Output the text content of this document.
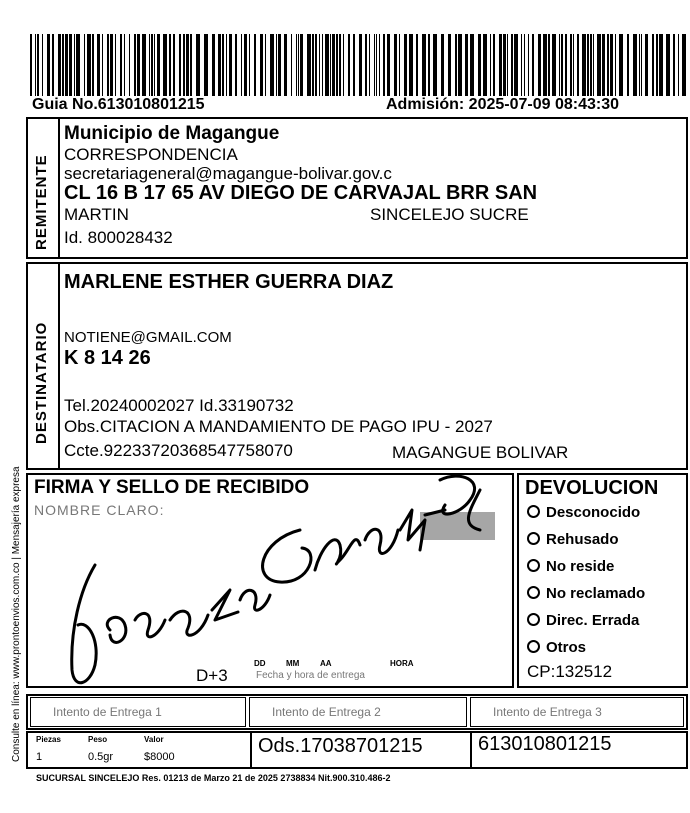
Guia No.613010801215	Admisión: 2025-07-09 08:43:30
Consulte en línea: www.prontoenvios.com.co | Mensajería expresa
REMITENTE
Municipio de Magangue
CORRESPONDENCIA
secretariageneral@magangue-bolivar.gov.c
CL 16 B 17 65 AV DIEGO DE CARVAJAL BRR SAN
MARTIN	SINCELEJO SUCRE
Id. 800028432
DESTINATARIO
MARLENE ESTHER GUERRA DIAZ
NOTIENE@GMAIL.COM
K 8 14 26
Tel.20240002027 Id.33190732
Obs.CITACION A MANDAMIENTO DE PAGO IPU - 2027
Ccte.92233720368547758070	MAGANGUE BOLIVAR
FIRMA Y SELLO DE RECIBIDO
NOMBRE CLARO:
D+3
DD	MM	AA	HORA
Fecha y hora de entrega
DEVOLUCION
Desconocido
Rehusado
No reside
No reclamado
Direc. Errada
Otros
CP:132512
Intento de Entrega 1	Intento de Entrega 2	Intento de Entrega 3
Piezas	Peso	Valor
1	0.5gr	$8000	Ods.17038701215	613010801215
SUCURSAL SINCELEJO Res. 01213 de Marzo 21 de 2025 2738834 Nit.900.310.486-2
